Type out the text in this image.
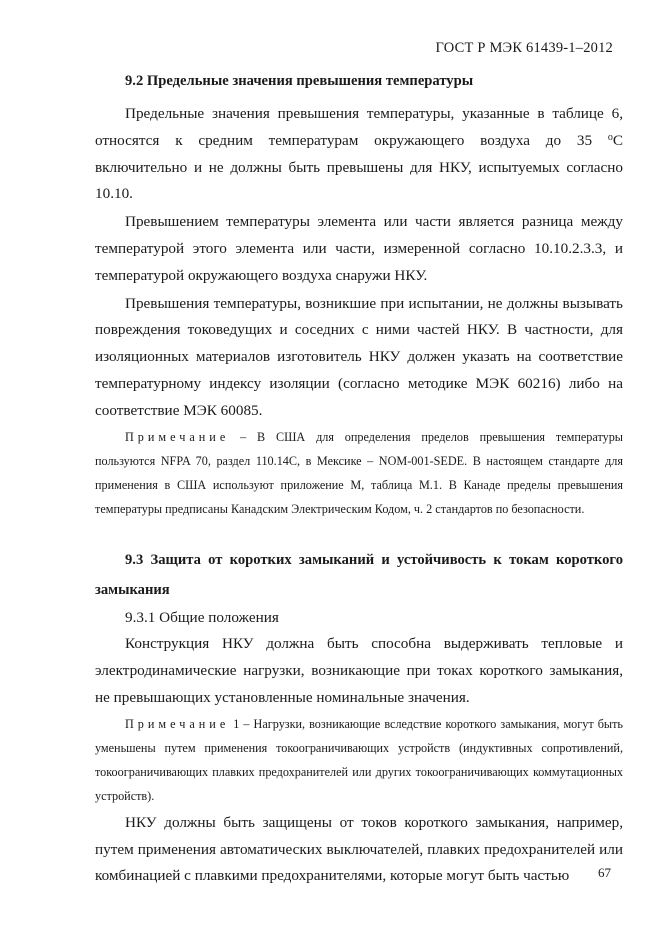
ГОСТ Р МЭК 61439-1–2012

9.2 Предельные значения превышения температуры

Предельные значения превышения температуры, указанные в таблице 6, относятся к средним температурам окружающего воздуха до 35 $^o$С включительно и не должны быть превышены для НКУ, испытуемых согласно 10.10.

Превышением температуры элемента или части является разница между температурой этого элемента или части, измеренной согласно 10.10.2.3.3, и температурой окружающего воздуха снаружи НКУ.

Превышения температуры, возникшие при испытании, не должны вызывать повреждения токоведущих и соседних с ними частей НКУ. В частности, для изоляционных материалов изготовитель НКУ должен указать на соответствие температурному индексу изоляции (согласно методике МЭК 60216) либо на соответствие МЭК 60085.

Примечание – В США для определения пределов превышения температуры пользуются NFPA 70, раздел 110.14С, в Мексике – NOM-001-SEDE. В настоящем стандарте для применения в США используют приложение М, таблица М.1. В Канаде пределы превышения температуры предписаны Канадским Электрическим Кодом, ч. 2 стандартов по безопасности.

9.3 Защита от коротких замыканий и устойчивость к токам короткого замыкания

9.3.1 Общие положения

Конструкция НКУ должна быть способна выдерживать тепловые и электродинамические нагрузки, возникающие при токах короткого замыкания, не превышающих установленные номинальные значения.

Примечание 1 – Нагрузки, возникающие вследствие короткого замыкания, могут быть уменьшены путем применения токоограничивающих устройств (индуктивных сопротивлений, токоограничивающих плавких предохранителей или других токоограничивающих коммутационных устройств).

НКУ должны быть защищены от токов короткого замыкания, например, путем применения автоматических выключателей, плавких предохранителей или комбинацией с плавкими предохранителями, которые могут быть частью	67
